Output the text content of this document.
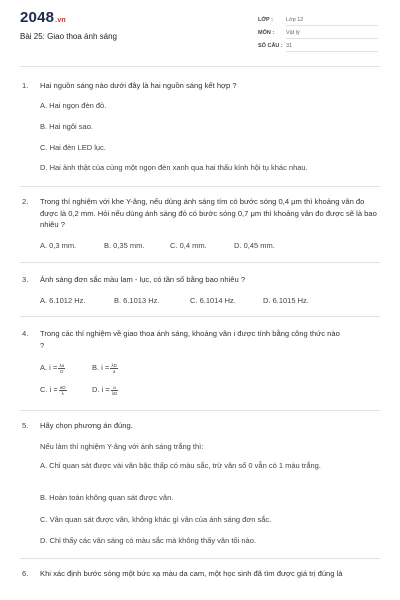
2048.vn
Bài 25: Giao thoa ánh sáng
LỚP : Lớp 12
MÔN : Vật lý
SỐ CÂU : 31
1.	Hai nguồn sáng nào dưới đây là hai nguồn sáng kết hợp ?
A. Hai ngọn đèn đỏ.
B. Hai ngôi sao.
C. Hai đèn LED lục.
D. Hai ảnh thật của cùng một ngọn đèn xanh qua hai thấu kính hội tụ khác nhau.
2.	Trong thí nghiệm với khe Y-âng, nếu dùng ánh sáng tím có bước sóng 0,4 μm thì khoảng vân đo được là 0,2 mm. Hỏi nếu dùng ánh sáng đỏ có bước sóng 0,7 μm thì khoảng vân đo được sẽ là bao nhiêu ?
A. 0,3 mm.	B. 0,35 mm.	C. 0,4 mm.	D. 0,45 mm.
3.	Ánh sáng đơn sắc màu lam - lục, có tần số bằng bao nhiêu ?
A. 6.1012 Hz.	B. 6.1013 Hz.	C. 6.1014 Hz.	D. 6.1015 Hz.
4.	Trong các thí nghiệm về giao thoa ánh sáng, khoảng vân i được tính bằng công thức nào ?
A. $i = \frac{\lambda a}{D}$	B. $i = \frac{\lambda D}{a}$
C. $i = \frac{aD}{\lambda}$	D. $i = \frac{a}{\lambda D}$
5.	Hãy chọn phương án đúng.
Nếu làm thí nghiệm Y-âng với ánh sáng trắng thì:
A. Chỉ quan sát được vài vân bậc thấp có màu sắc, trừ vân số 0 vẫn có 1 màu trắng.
B. Hoàn toàn không quan sát được vân.
C. Vân quan sát được vân, không khác gì vân của ánh sáng đơn sắc.
D. Chỉ thấy các vân sáng có màu sắc mà không thấy vân tối nào.
6.	Khi xác định bước sóng một bức xạ màu da cam, một học sinh đã tìm được giá trị đúng là
